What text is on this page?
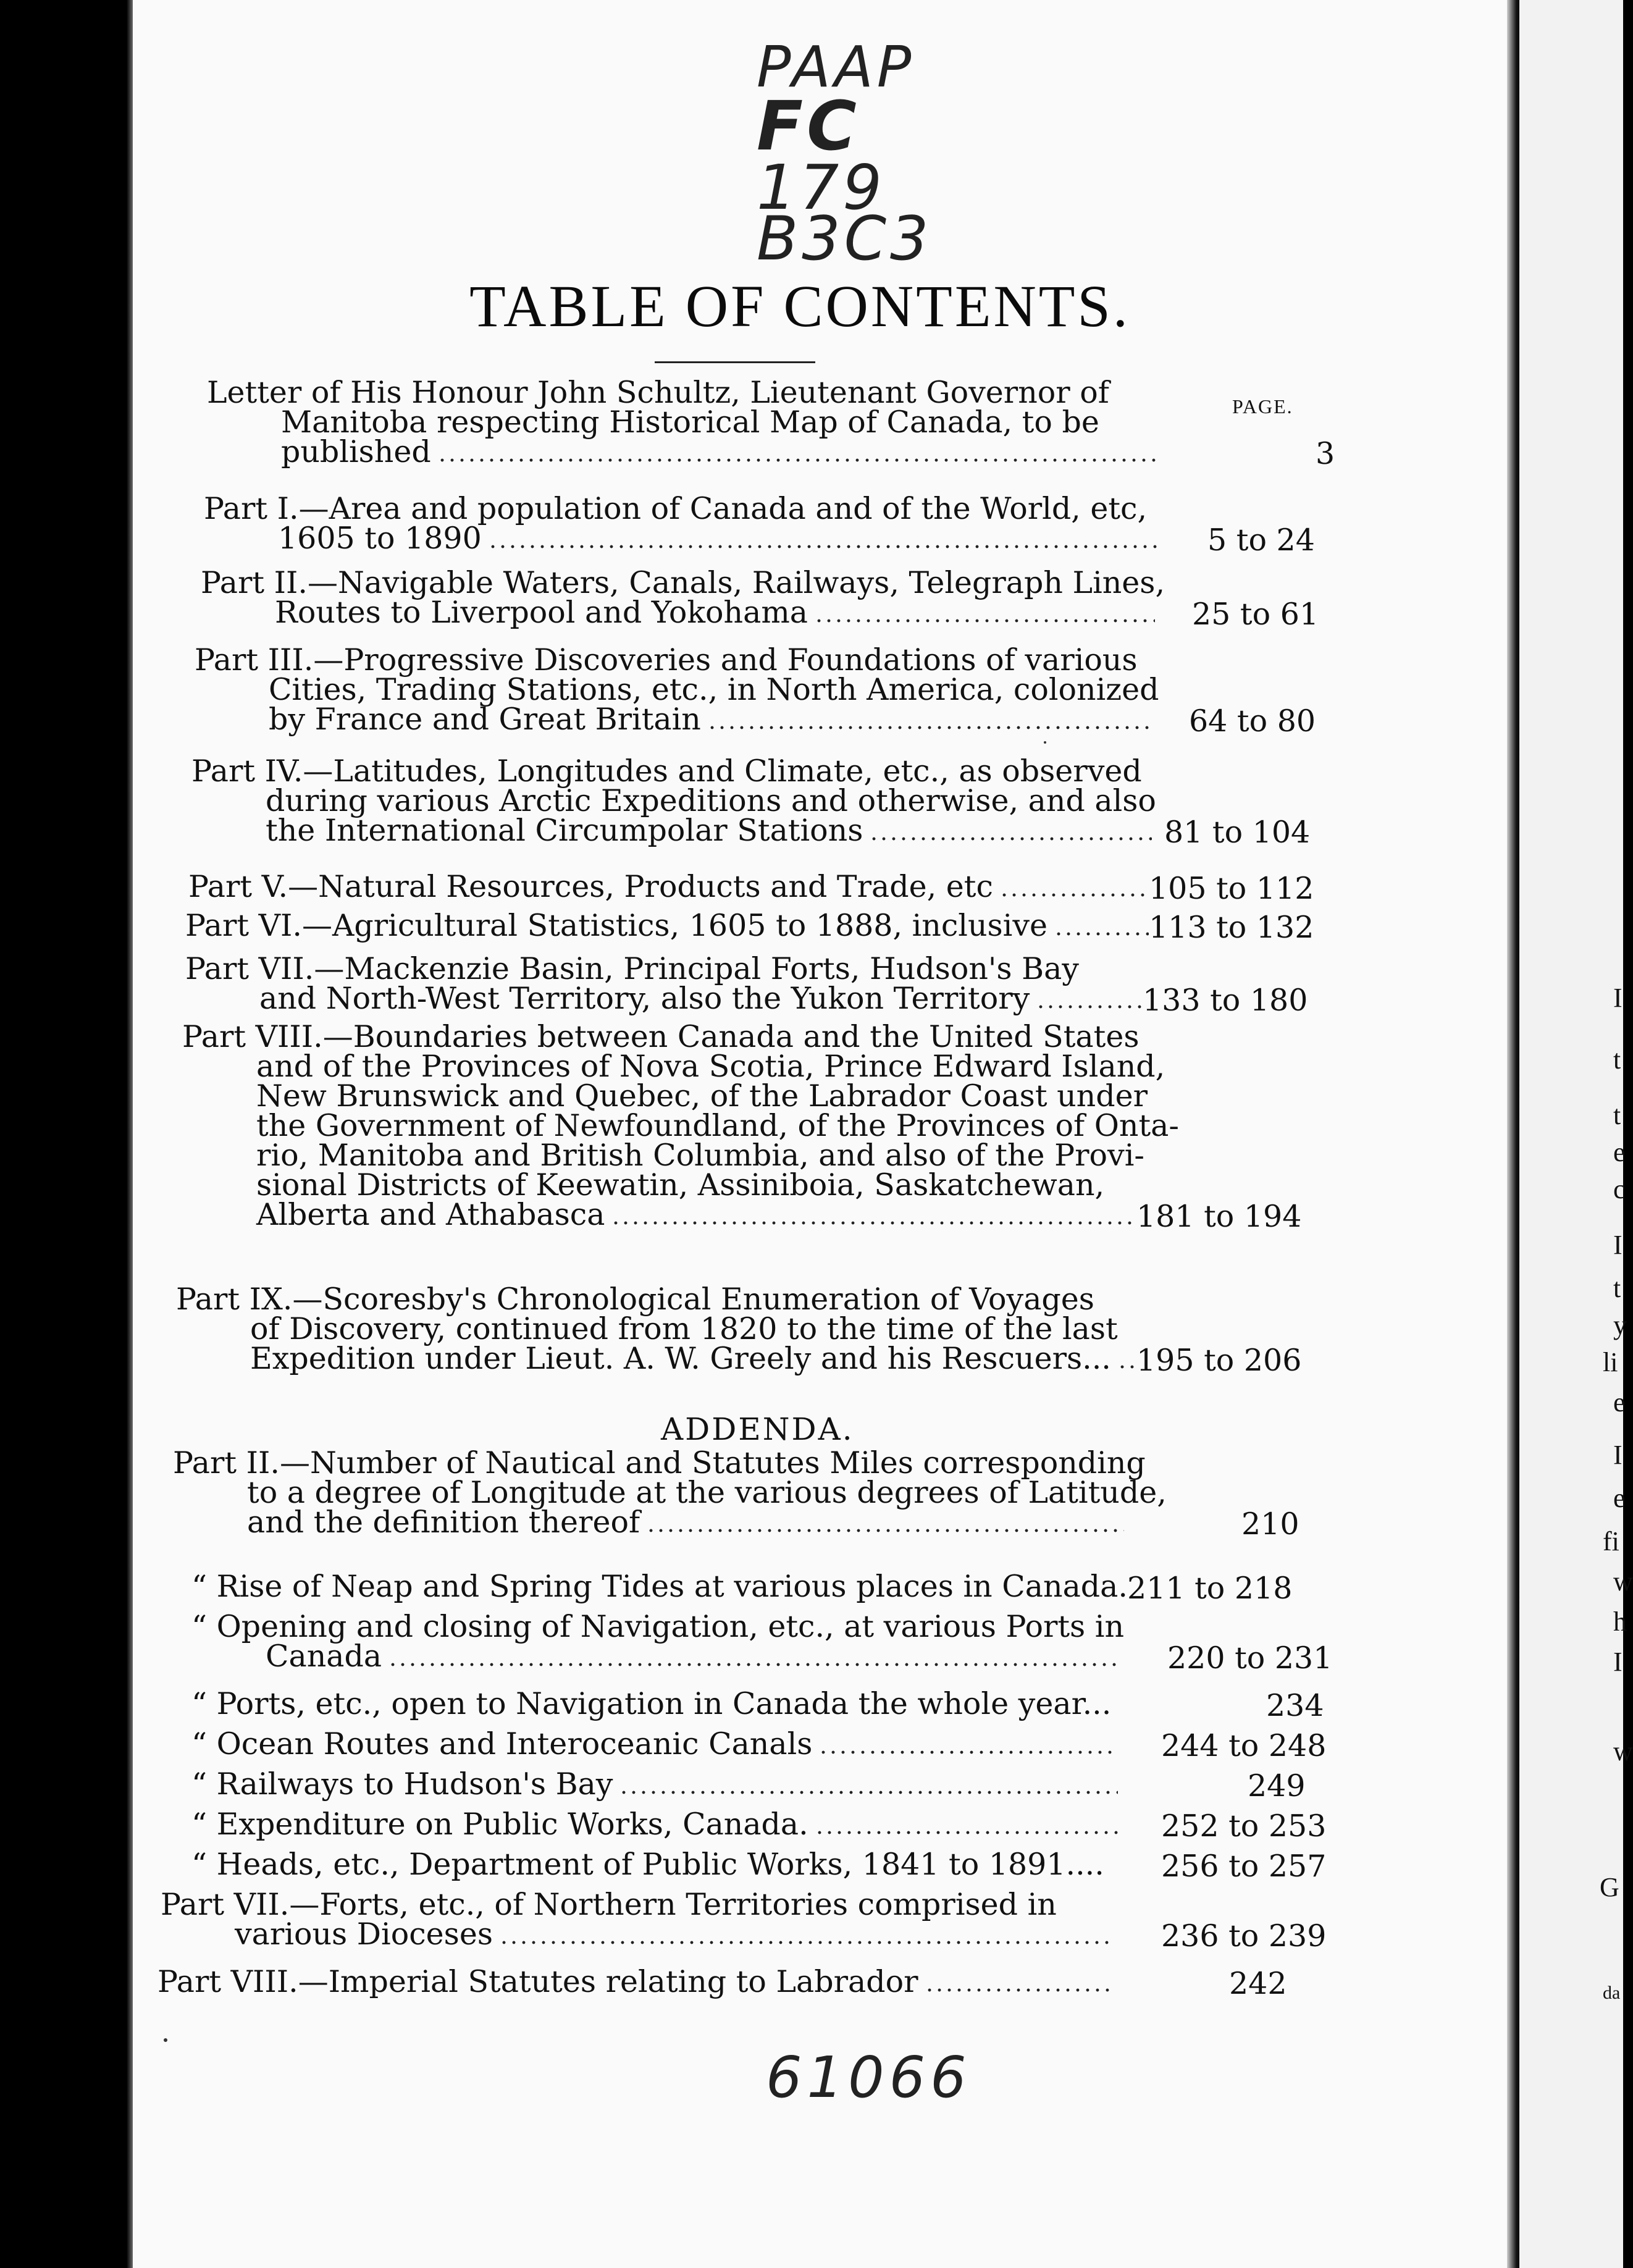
I
t
t
e
c
I
t
y
li
e
I
e
fi
w
h
I
w
G
da
PAAP
FC
179
B3C3
TABLE OF CONTENTS.
PAGE.
Letter of His Honour John Schultz, Lieutenant Governor of
Manitoba respecting Historical Map of Canada, to be
published	3
Part I.—Area and population of Canada and of the World, etc,
1605 to 1890	5 to 24
Part II.—Navigable Waters, Canals, Railways, Telegraph Lines,
Routes to Liverpool and Yokohama	25 to 61
Part III.—Progressive Discoveries and Foundations of various
Cities, Trading Stations, etc., in North America, colonized
by France and Great Britain	64 to 80
Part IV.—Latitudes, Longitudes and Climate, etc., as observed
during various Arctic Expeditions and otherwise, and also
the International Circumpolar Stations	81 to 104
Part V.—Natural Resources, Products and Trade, etc	105 to 112
Part VI.—Agricultural Statistics, 1605 to 1888, inclusive	113 to 132
Part VII.—Mackenzie Basin, Principal Forts, Hudson's Bay
and North-West Territory, also the Yukon Territory	133 to 180
Part VIII.—Boundaries between Canada and the United States
and of the Provinces of Nova Scotia, Prince Edward Island,
New Brunswick and Quebec, of the Labrador Coast under
the Government of Newfoundland, of the Provinces of Onta-
rio, Manitoba and British Columbia, and also of the Provi-
sional Districts of Keewatin, Assiniboia, Saskatchewan,
Alberta and Athabasca	181 to 194
Part IX.—Scoresby's Chronological Enumeration of Voyages
of Discovery, continued from 1820 to the time of the last
Expedition under Lieut. A. W. Greely and his Rescuers... 195 to 206
Part II.—Number of Nautical and Statutes Miles corresponding
to a degree of Longitude at the various degrees of Latitude,
and the definition thereof	210
“ Rise of Neap and Spring Tides at various places in Canada. 211 to 218
“ Opening and closing of Navigation, etc., at various Ports in
Canada	220 to 231
“ Ports, etc., open to Navigation in Canada the whole year...	234
“ Ocean Routes and Interoceanic Canals	244 to 248
“ Railways to Hudson's Bay	249
“ Expenditure on Public Works, Canada.	252 to 253
“ Heads, etc., Department of Public Works, 1841 to 1891.... 256 to 257
Part VII.—Forts, etc., of Northern Territories comprised in
various Dioceses	236 to 239
Part VIII.—Imperial Statutes relating to Labrador	242
ADDENDA.
61066
